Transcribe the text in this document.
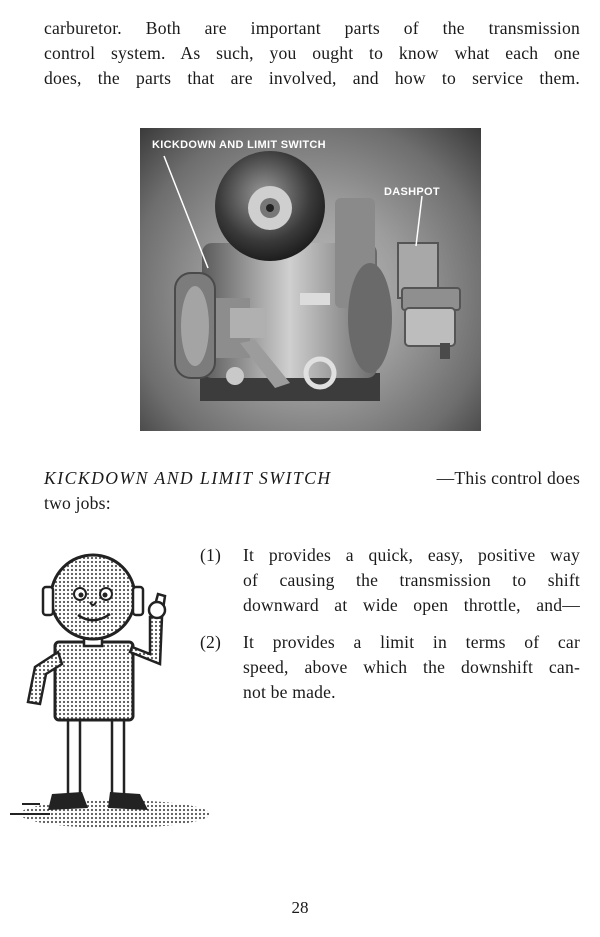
carburetor. Both are important parts of the transmission
control system. As such, you ought to know what each one
does, the parts that are involved, and how to service them.
KICKDOWN AND LIMIT SWITCH
DASHPOT
KICKDOWN AND LIMIT SWITCH	—This control does
two jobs:
(1) It provides a quick, easy, positive way
of causing the transmission to shift
downward at wide open throttle, and—
(2) It provides a limit in terms of car
speed, above which the downshift can-
not be made.
28
